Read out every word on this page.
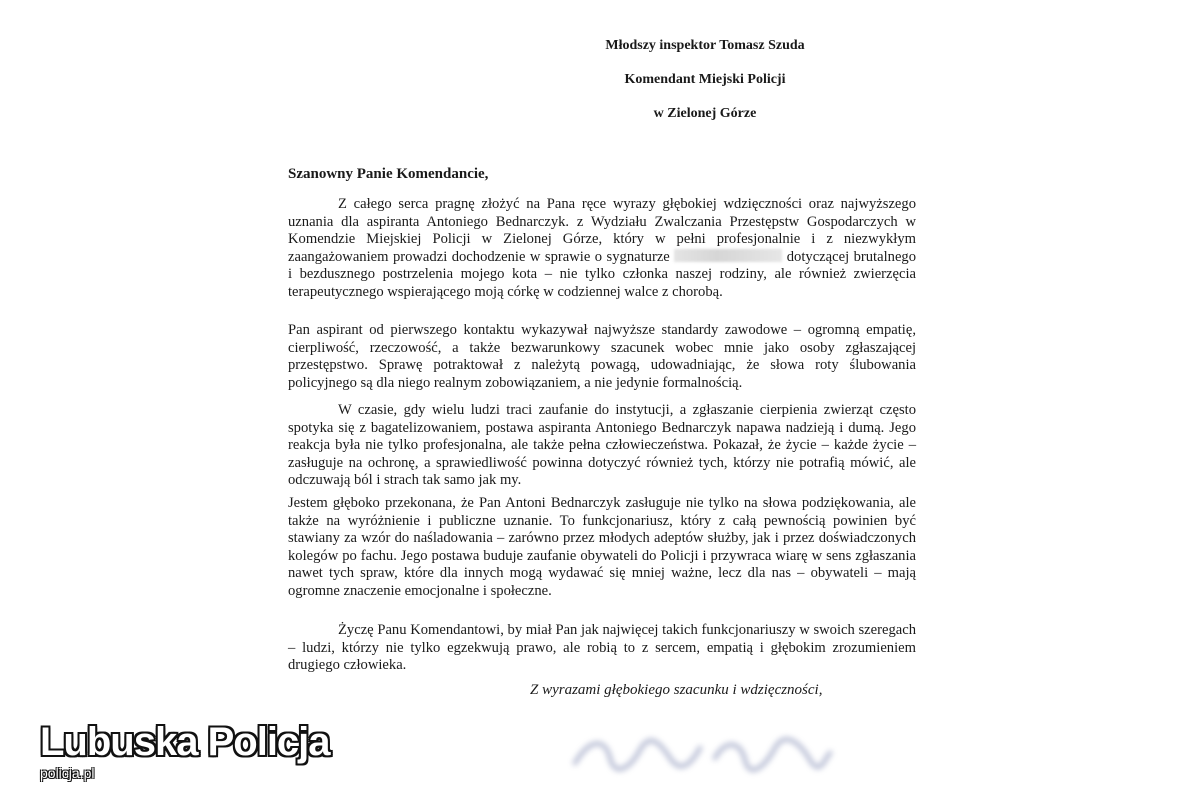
Młodszy inspektor Tomasz Szuda
Komendant Miejski Policji
w Zielonej Górze
Szanowny Panie Komendancie,

Z całego serca pragnę złożyć na Pana ręce wyrazy głębokiej wdzięczności oraz najwyższego uznania dla aspiranta Antoniego Bednarczyk. z Wydziału Zwalczania Przestępstw Gospodarczych w Komendzie Miejskiej Policji w Zielonej Górze, który w pełni profesjonalnie i z niezwykłym zaangażowaniem prowadzi dochodzenie w sprawie o sygnaturze	dotyczącej brutalnego i bezdusznego postrzelenia mojego kota – nie tylko członka naszej rodziny, ale również zwierzęcia terapeutycznego wspierającego moją córkę w codziennej walce z chorobą.

Pan aspirant od pierwszego kontaktu wykazywał najwyższe standardy zawodowe – ogromną empatię, cierpliwość, rzeczowość, a także bezwarunkowy szacunek wobec mnie jako osoby zgłaszającej przestępstwo. Sprawę potraktował z należytą powagą, udowadniając, że słowa roty ślubowania policyjnego są dla niego realnym zobowiązaniem, a nie jedynie formalnością.

W czasie, gdy wielu ludzi traci zaufanie do instytucji, a zgłaszanie cierpienia zwierząt często spotyka się z bagatelizowaniem, postawa aspiranta Antoniego Bednarczyk napawa nadzieją i dumą. Jego reakcja była nie tylko profesjonalna, ale także pełna człowieczeństwa. Pokazał, że życie – każde życie – zasługuje na ochronę, a sprawiedliwość powinna dotyczyć również tych, którzy nie potrafią mówić, ale odczuwają ból i strach tak samo jak my.

Jestem głęboko przekonana, że Pan Antoni Bednarczyk zasługuje nie tylko na słowa podziękowania, ale także na wyróżnienie i publiczne uznanie. To funkcjonariusz, który z całą pewnością powinien być stawiany za wzór do naśladowania – zarówno przez młodych adeptów służby, jak i przez doświadczonych kolegów po fachu. Jego postawa buduje zaufanie obywateli do Policji i przywraca wiarę w sens zgłaszania nawet tych spraw, które dla innych mogą wydawać się mniej ważne, lecz dla nas – obywateli – mają ogromne znaczenie emocjonalne i społeczne.

Życzę Panu Komendantowi, by miał Pan jak najwięcej takich funkcjonariuszy w swoich szeregach – ludzi, którzy nie tylko egzekwują prawo, ale robią to z sercem, empatią i głębokim zrozumieniem drugiego człowieka.

Z wyrazami głębokiego szacunku i wdzięczności,
Lubuska Policja
policja.pl
